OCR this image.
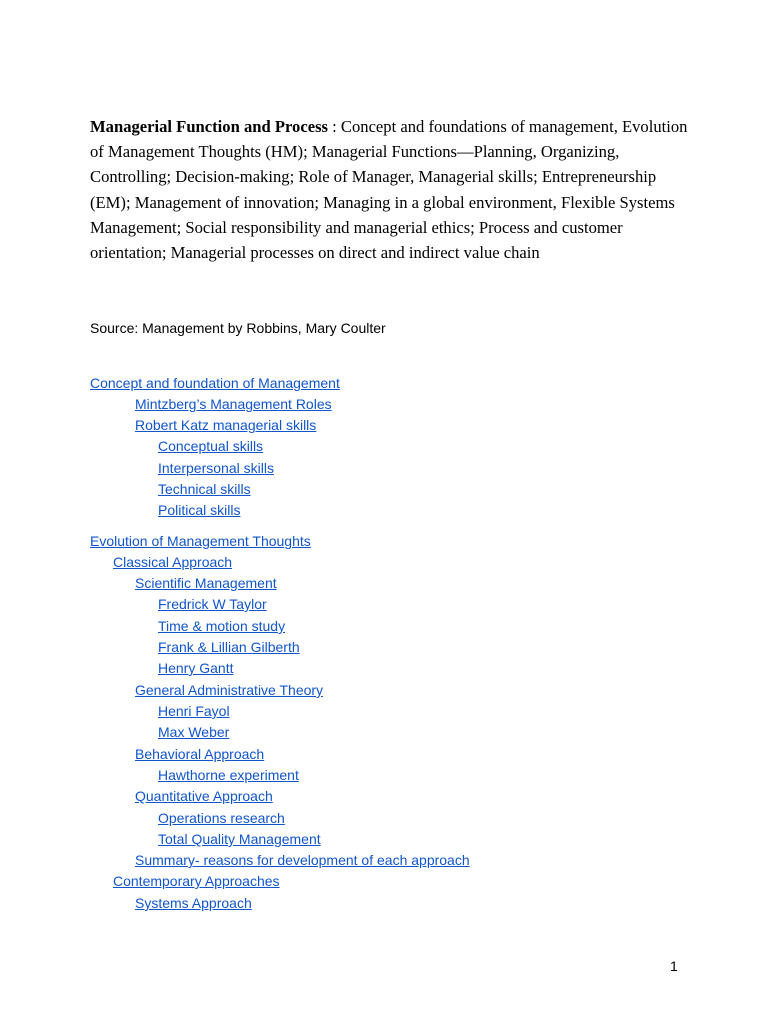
Managerial Function and Process : Concept and foundations of management, Evolution of Management Thoughts (HM); Managerial Functions—Planning, Organizing, Controlling; Decision-making; Role of Manager, Managerial skills; Entrepreneurship (EM); Management of innovation; Managing in a global environment, Flexible Systems Management; Social responsibility and managerial ethics; Process and customer orientation; Managerial processes on direct and indirect value chain

Source: Management by Robbins, Mary Coulter

Concept and foundation of Management
Mintzberg’s Management Roles
Robert Katz managerial skills
Conceptual skills
Interpersonal skills
Technical skills
Political skills
Evolution of Management Thoughts
Classical Approach
Scientific Management
Fredrick W Taylor
Time & motion study
Frank & Lillian Gilberth
Henry Gantt
General Administrative Theory
Henri Fayol
Max Weber
Behavioral Approach
Hawthorne experiment
Quantitative Approach
Operations research
Total Quality Management
Summary- reasons for development of each approach
Contemporary Approaches
Systems Approach
1
